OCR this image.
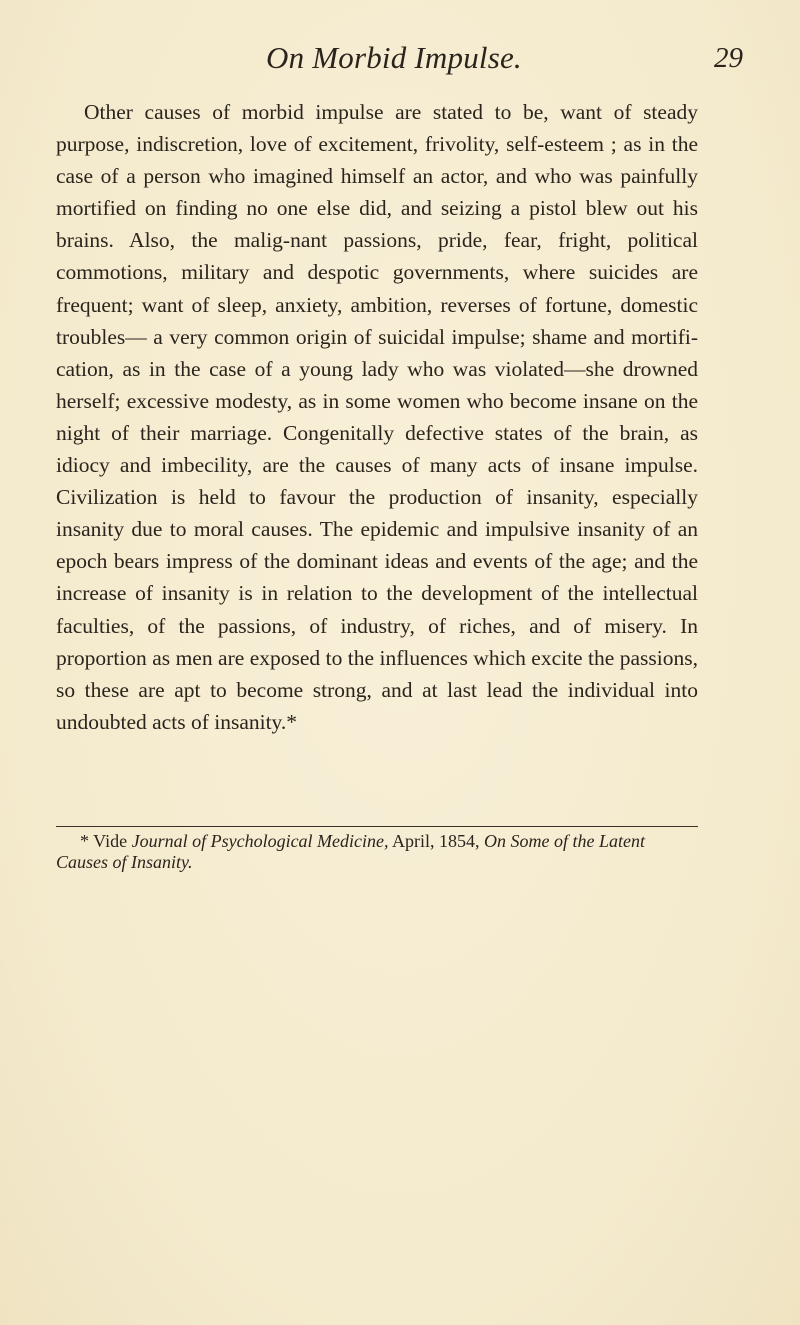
On Morbid Impulse.	29

Other causes of morbid impulse are stated to be, want of steady purpose, indiscretion, love of excitement, frivolity, self-esteem ; as in the case of a person who imagined himself an actor, and who was painfully mortified on finding no one else did, and seizing a pistol blew out his brains. Also, the malig-nant passions, pride, fear, fright, political commotions, military and despotic governments, where suicides are frequent; want of sleep, anxiety, ambition, reverses of fortune, domestic troubles— a very common origin of suicidal impulse; shame and mortifi-cation, as in the case of a young lady who was violated—she drowned herself; excessive modesty, as in some women who become insane on the night of their marriage. Congenitally defective states of the brain, as idiocy and imbecility, are the causes of many acts of insane impulse. Civilization is held to favour the production of insanity, especially insanity due to moral causes. The epidemic and impulsive insanity of an epoch bears impress of the dominant ideas and events of the age; and the increase of insanity is in relation to the development of the intellectual faculties, of the passions, of industry, of riches, and of misery. In proportion as men are exposed to the influences which excite the passions, so these are apt to become strong, and at last lead the individual into undoubted acts of insanity.*

* Vide Journal of Psychological Medicine, April, 1854, On Some of the Latent Causes of Insanity.
